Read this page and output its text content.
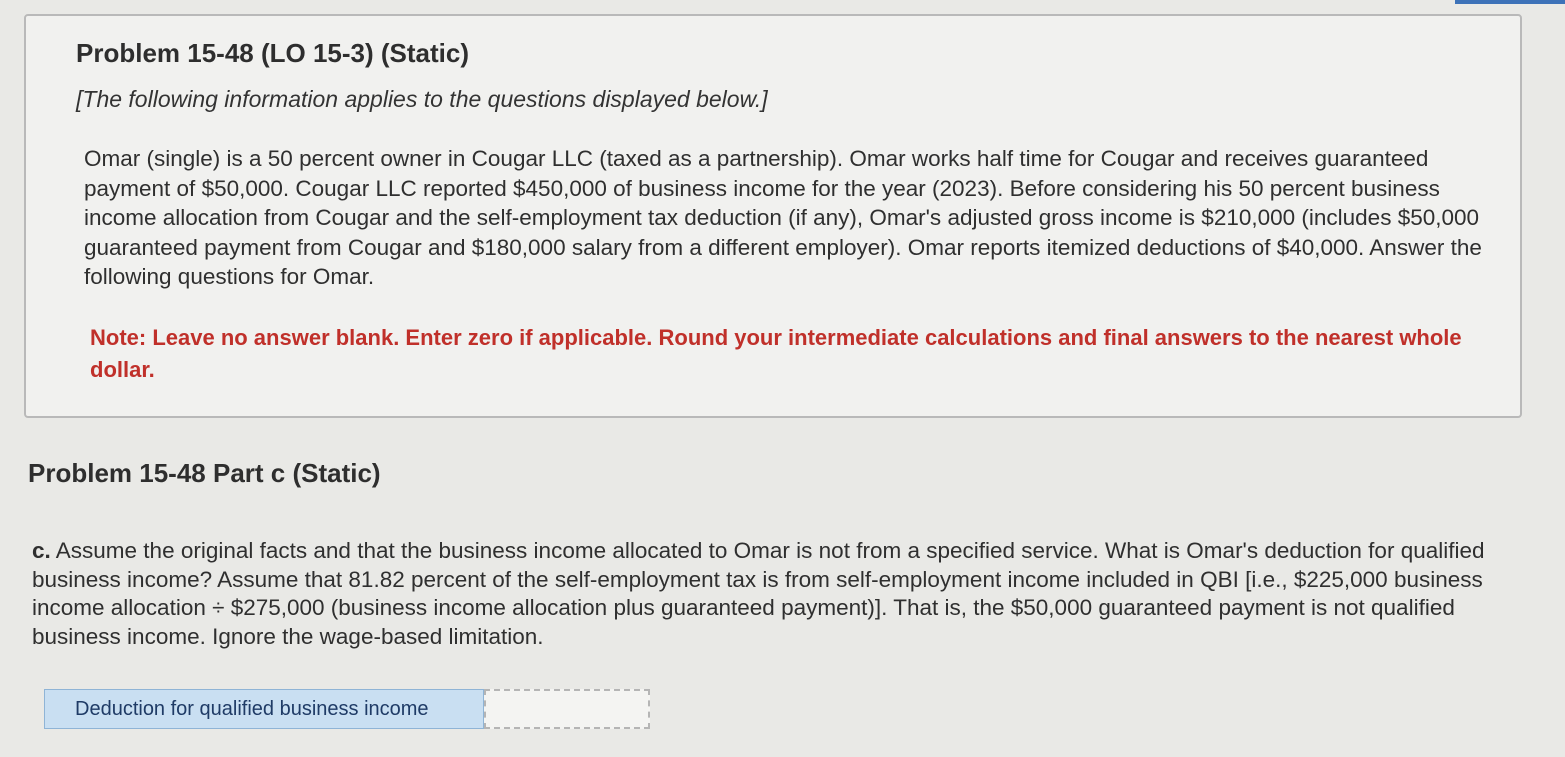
Problem 15-48 (LO 15-3) (Static)

[The following information applies to the questions displayed below.]

Omar (single) is a 50 percent owner in Cougar LLC (taxed as a partnership). Omar works half time for Cougar and receives guaranteed payment of $50,000. Cougar LLC reported $450,000 of business income for the year (2023). Before considering his 50 percent business income allocation from Cougar and the self-employment tax deduction (if any), Omar's adjusted gross income is $210,000 (includes $50,000 guaranteed payment from Cougar and $180,000 salary from a different employer). Omar reports itemized deductions of $40,000. Answer the following questions for Omar.

Note: Leave no answer blank. Enter zero if applicable. Round your intermediate calculations and final answers to the nearest whole dollar.

Problem 15-48 Part c (Static)

c. Assume the original facts and that the business income allocated to Omar is not from a specified service. What is Omar's deduction for qualified business income? Assume that 81.82 percent of the self-employment tax is from self-employment income included in QBI [i.e., $225,000 business income allocation ÷ $275,000 (business income allocation plus guaranteed payment)]. That is, the $50,000 guaranteed payment is not qualified business income. Ignore the wage-based limitation.

Deduction for qualified business income
